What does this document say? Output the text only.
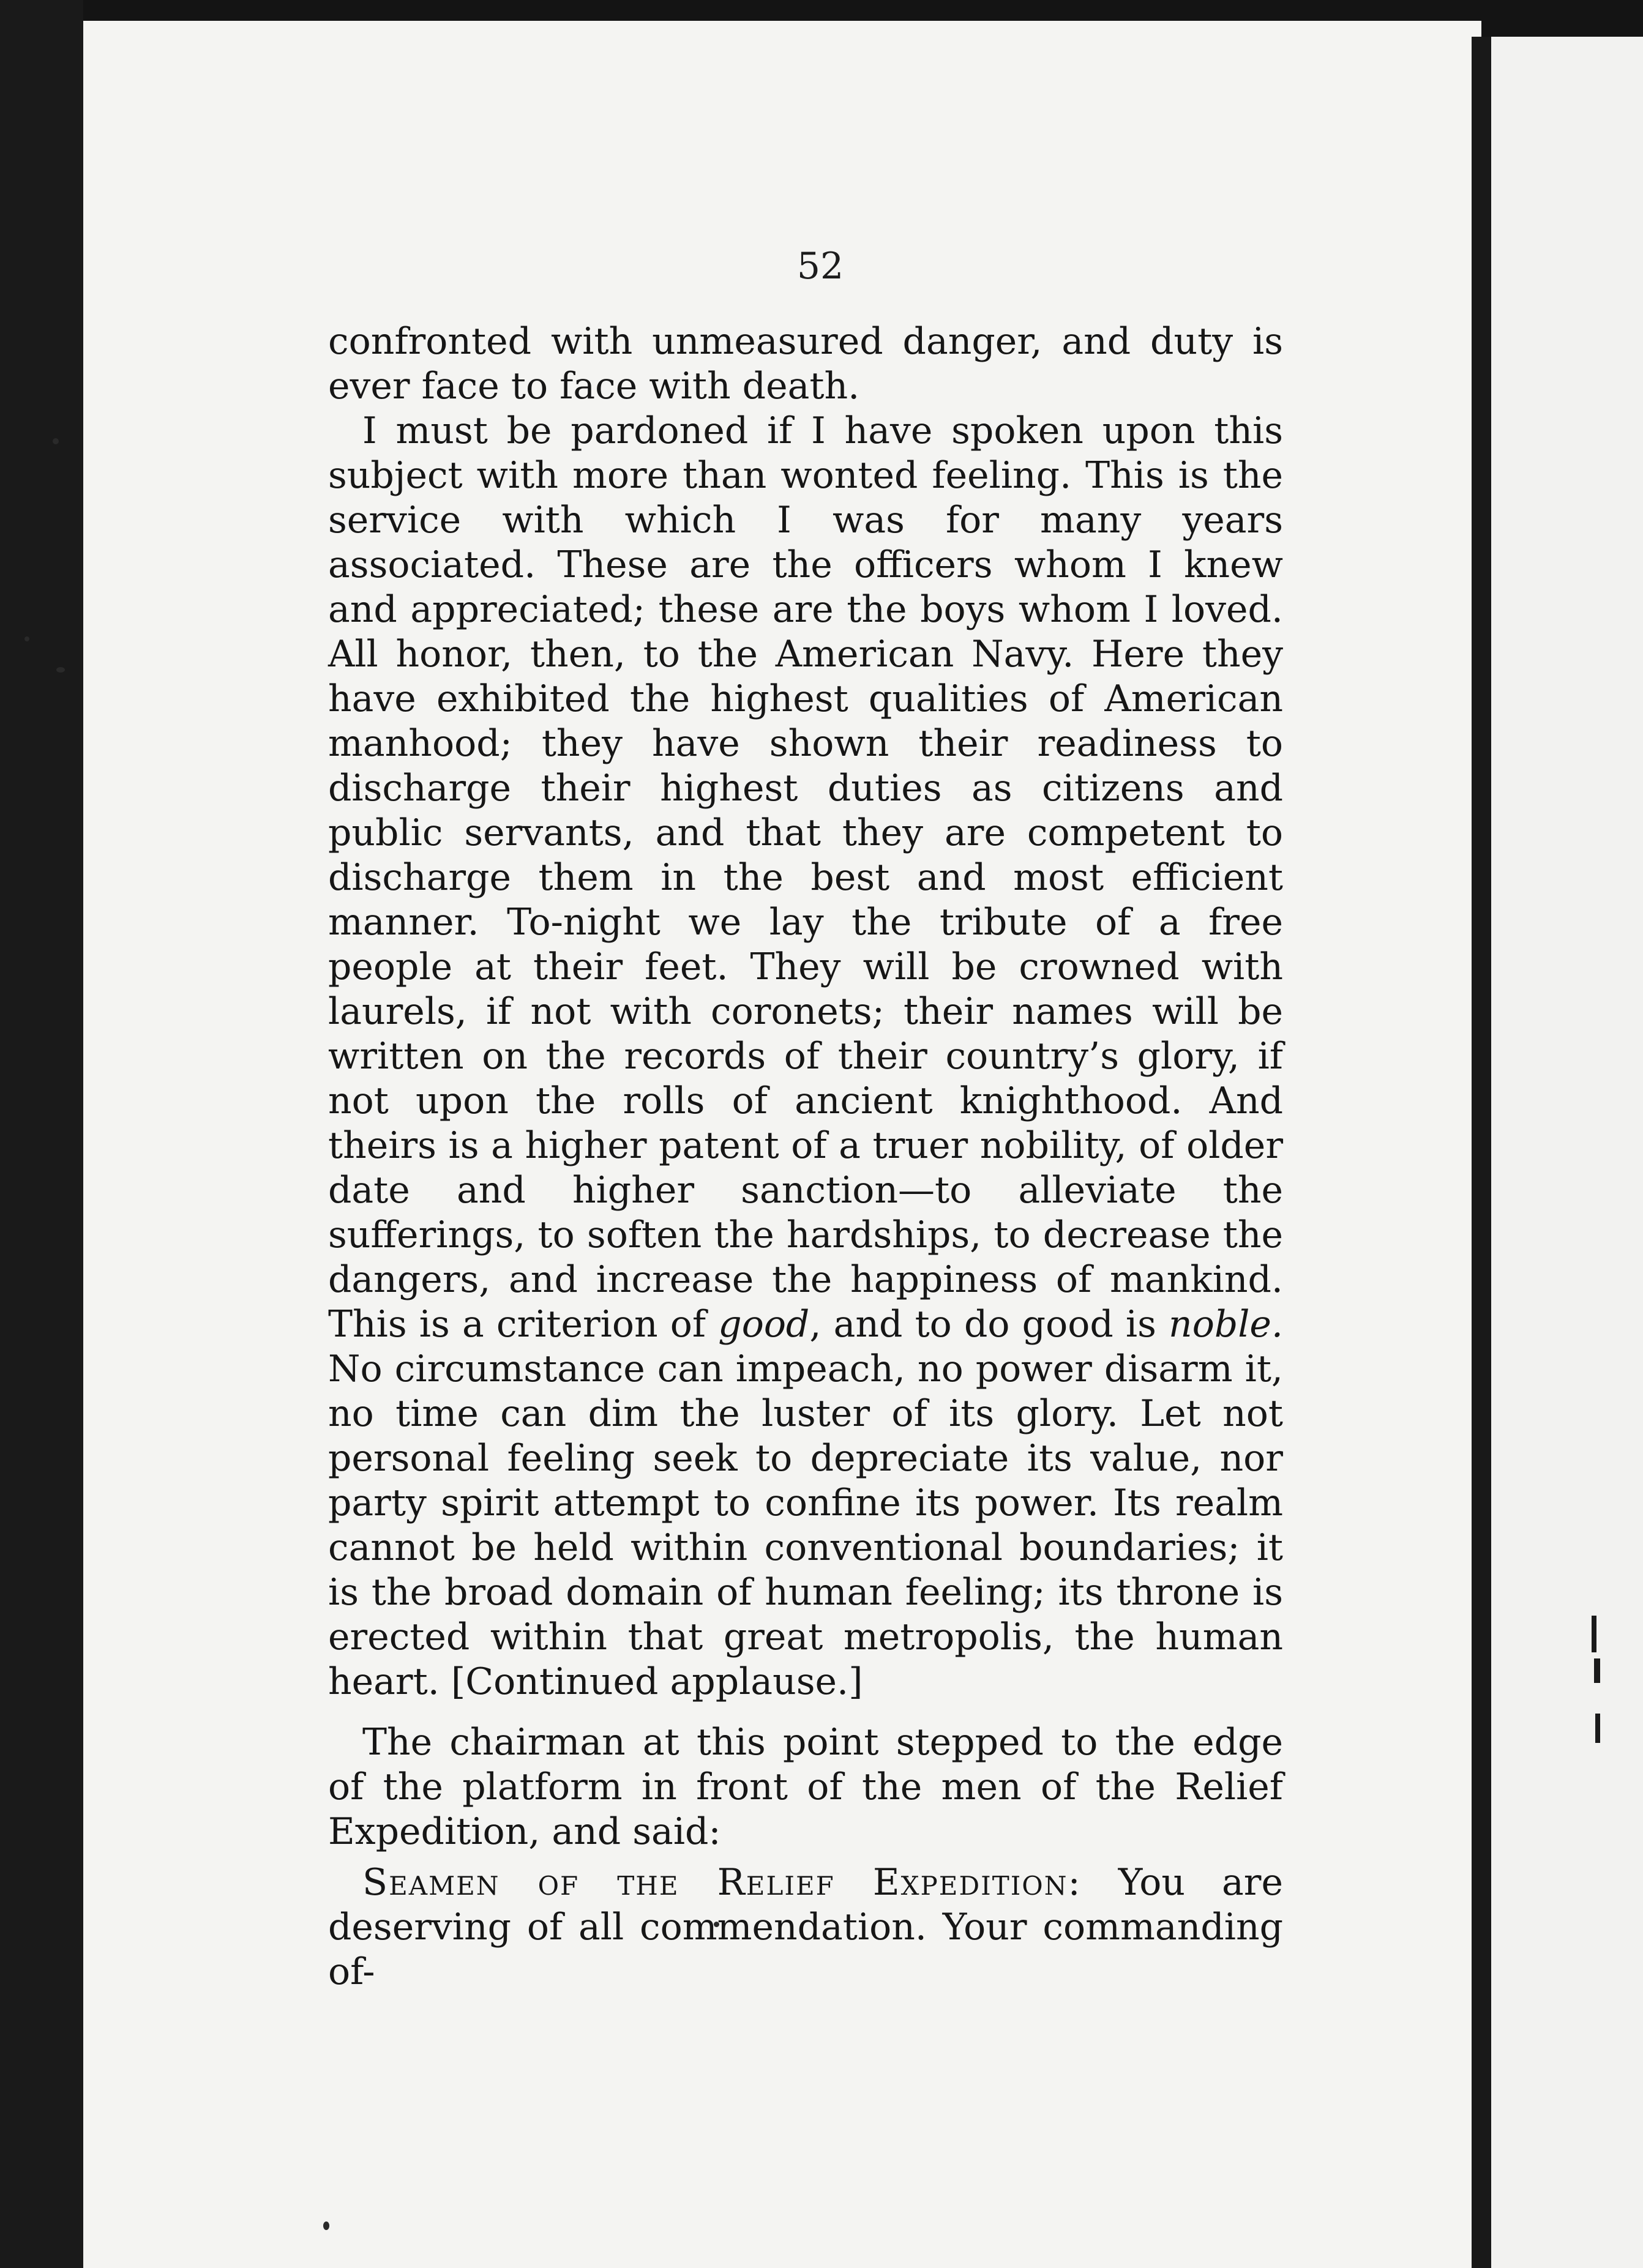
52

confronted with unmeasured danger, and duty is ever face to face with death.

I must be pardoned if I have spoken upon this subject with more than wonted feeling. This is the service with which I was for many years associated. These are the officers whom I knew and appreciated; these are the boys whom I loved. All honor, then, to the American Navy. Here they have exhibited the highest qualities of American manhood; they have shown their readiness to discharge their highest duties as citizens and public servants, and that they are competent to discharge them in the best and most efficient manner. To-night we lay the tribute of a free people at their feet. They will be crowned with laurels, if not with coronets; their names will be written on the records of their country’s glory, if not upon the rolls of ancient knighthood. And theirs is a higher patent of a truer nobility, of older date and higher sanction—to alleviate the sufferings, to soften the hardships, to decrease the dangers, and increase the happiness of mankind. This is a criterion of good, and to do good is noble. No circumstance can impeach, no power disarm it, no time can dim the luster of its glory. Let not personal feeling seek to depreciate its value, nor party spirit attempt to confine its power. Its realm cannot be held within conventional boundaries; it is the broad domain of human feeling; its throne is erected within that great metropolis, the human heart. [Continued applause.]

The chairman at this point stepped to the edge of the platform in front of the men of the Relief Expedition, and said:

Seamen of the Relief Expedition: You are deserving of all commendation. Your commanding of-
